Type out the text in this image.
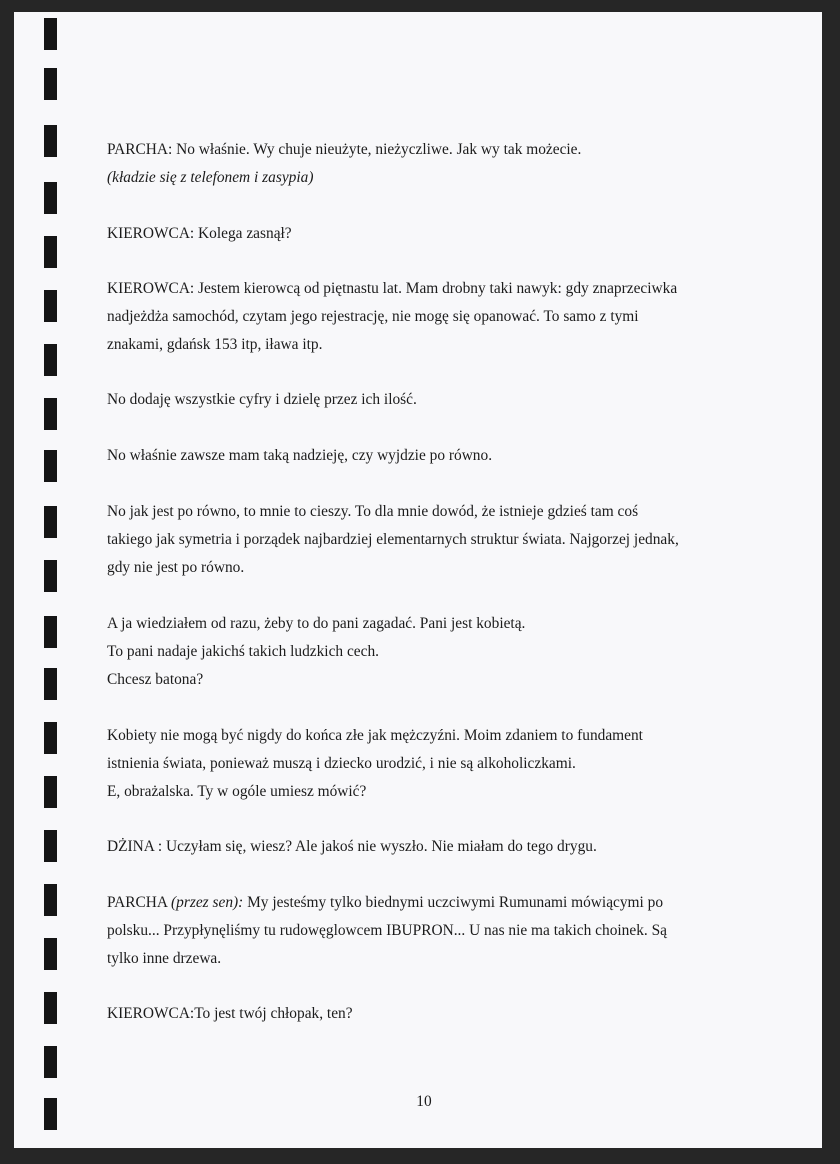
PARCHA: No właśnie. Wy chuje nieużyte, nieżyczliwe. Jak wy tak możecie.
(kładzie się z telefonem i zasypia)
KIEROWCA: Kolega zasnął?
KIEROWCA: Jestem kierowcą od piętnastu lat. Mam drobny taki nawyk: gdy znaprzeciwka
nadjeżdża samochód, czytam jego rejestrację, nie mogę się opanować. To samo z tymi
znakami, gdańsk 153 itp, iława itp.
No dodaję wszystkie cyfry i dzielę przez ich ilość.
No właśnie zawsze mam taką nadzieję, czy wyjdzie po równo.
No jak jest po równo, to mnie to cieszy. To dla mnie dowód, że istnieje gdzieś tam coś
takiego jak symetria i porządek najbardziej elementarnych struktur świata. Najgorzej jednak,
gdy nie jest po równo.
A ja wiedziałem od razu, żeby to do pani zagadać. Pani jest kobietą.
To pani nadaje jakichś takich ludzkich cech.
Chcesz batona?
Kobiety nie mogą być nigdy do końca złe jak mężczyźni. Moim zdaniem to fundament
istnienia świata, ponieważ muszą i dziecko urodzić, i nie są alkoholiczkami.
E, obrażalska. Ty w ogóle umiesz mówić?
DŻINA : Uczyłam się, wiesz? Ale jakoś nie wyszło. Nie miałam do tego drygu.
PARCHA (przez sen): My jesteśmy tylko biednymi uczciwymi Rumunami mówiącymi po
polsku... Przypłynęliśmy tu rudowęglowcem IBUPRON... U nas nie ma takich choinek. Są
tylko inne drzewa.
KIEROWCA:To jest twój chłopak, ten?
10
